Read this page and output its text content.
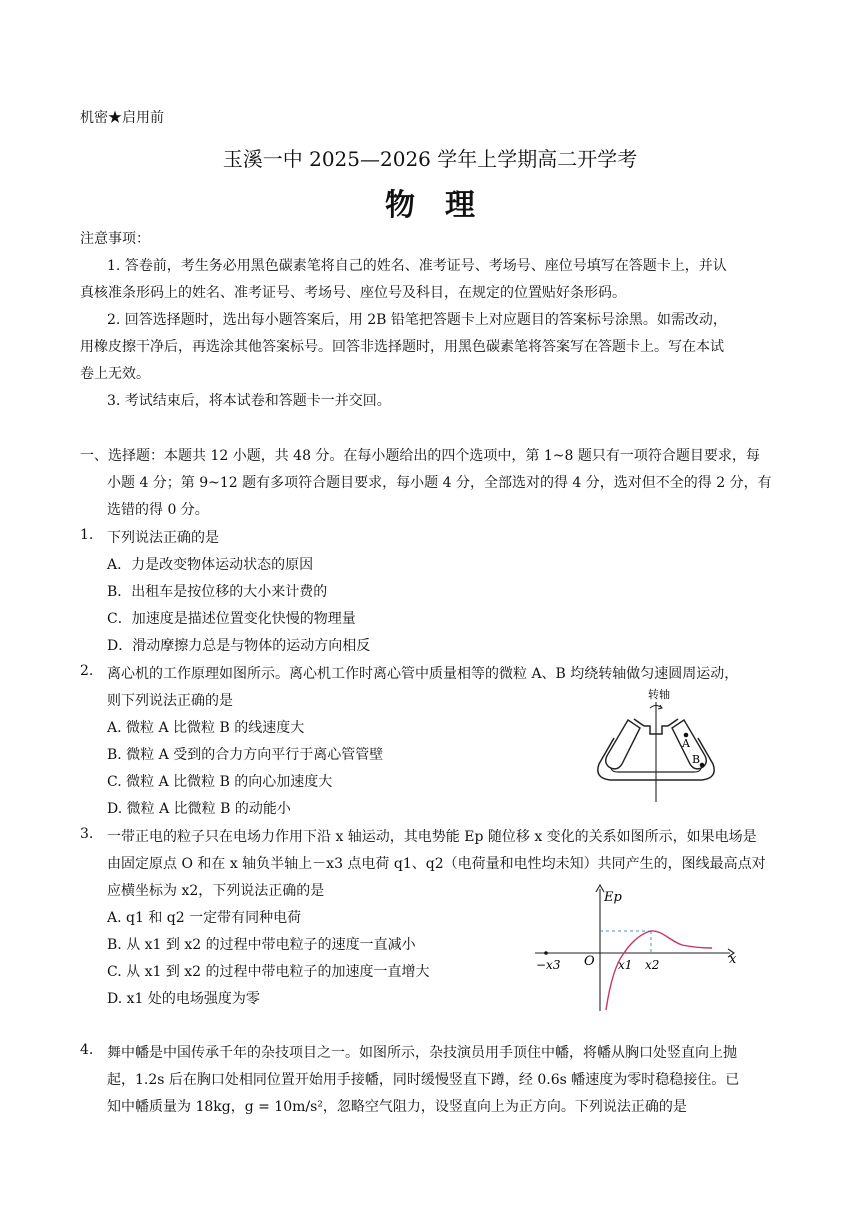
机密★启用前
玉溪一中 2025—2026 学年上学期高二开学考
物　理
注意事项：
1. 答卷前，考生务必用黑色碳素笔将自己的姓名、准考证号、考场号、座位号填写在答题卡上，并认
真核准条形码上的姓名、准考证号、考场号、座位号及科目，在规定的位置贴好条形码。
2. 回答选择题时，选出每小题答案后，用 2B 铅笔把答题卡上对应题目的答案标号涂黑。如需改动，
用橡皮擦干净后，再选涂其他答案标号。回答非选择题时，用黑色碳素笔将答案写在答题卡上。写在本试
卷上无效。
3. 考试结束后，将本试卷和答题卡一并交回。
一、选择题：本题共 12 小题，共 48 分。在每小题给出的四个选项中，第 1~8 题只有一项符合题目要求，每
小题 4 分；第 9~12 题有多项符合题目要求，每小题 4 分，全部选对的得 4 分，选对但不全的得 2 分，有
选错的得 0 分。
1. 下列说法正确的是
A．力是改变物体运动状态的原因
B．出租车是按位移的大小来计费的
C．加速度是描述位置变化快慢的物理量
D．滑动摩擦力总是与物体的运动方向相反
2. 离心机的工作原理如图所示。离心机工作时离心管中质量相等的微粒 A、B 均绕转轴做匀速圆周运动，
则下列说法正确的是
A. 微粒 A 比微粒 B 的线速度大
B. 微粒 A 受到的合力方向平行于离心管管壁
C. 微粒 A 比微粒 B 的向心加速度大
D. 微粒 A 比微粒 B 的动能小
转轴
A
B
3. 一带正电的粒子只在电场力作用下沿 x 轴运动，其电势能 Ep 随位移 x 变化的关系如图所示，如果电场是
由固定原点 O 和在 x 轴负半轴上－x3 点电荷 q1、q2（电荷量和电性均未知）共同产生的，图线最高点对
应横坐标为 x2，下列说法正确的是
A. q1 和 q2 一定带有同种电荷
B. 从 x1 到 x2 的过程中带电粒子的速度一直减小
C. 从 x1 到 x2 的过程中带电粒子的加速度一直增大
D. x1 处的电场强度为零
Ep
x
O
−x3	x1 x2
4. 舞中幡是中国传承千年的杂技项目之一。如图所示，杂技演员用手顶住中幡，将幡从胸口处竖直向上抛
起，1.2s 后在胸口处相同位置开始用手接幡，同时缓慢竖直下蹲，经 0.6s 幡速度为零时稳稳接住。已
知中幡质量为 18kg，g = 10m/s²，忽略空气阻力，设竖直向上为正方向。下列说法正确的是
